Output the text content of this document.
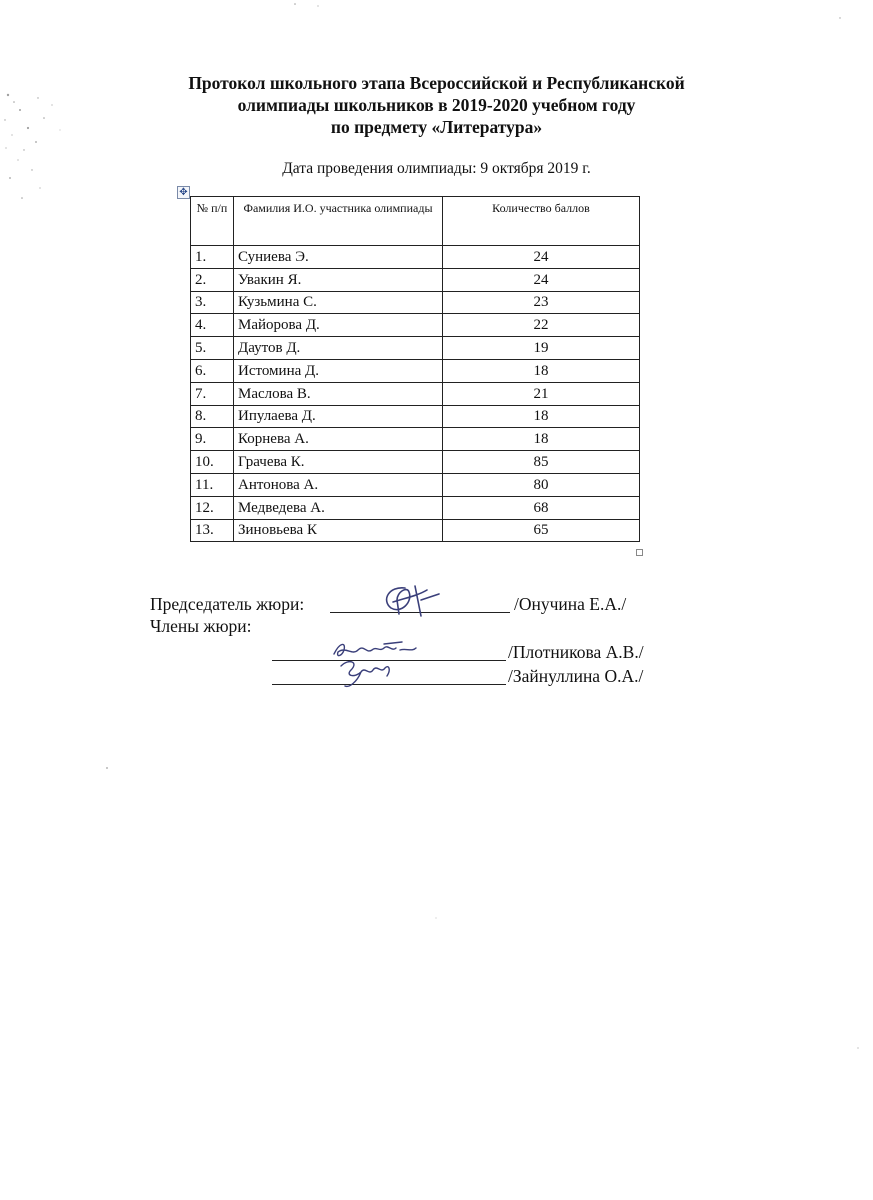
Протокол школьного этапа Всероссийской и Республиканской
олимпиады школьников в 2019-2020 учебном году
по предмету «Литература»
Дата проведения олимпиады: 9 октября 2019 г.
✥
№ п/п	Фамилия И.О. участника олимпиады	Количество баллов
1.	Суниева Э.	24
2.	Увакин Я.	24
3.	Кузьмина С.	23
4.	Майорова Д.	22
5.	Даутов Д.	19
6.	Истомина Д.	18
7.	Маслова В.	21
8.	Ипулаева Д.	18
9.	Корнева А.	18
10.	Грачева К.	85
11.	Антонова А.	80
12.	Медведева А.	68
13.	Зиновьева К	65
Председатель жюри:	/Онучина Е.А./
Члены жюри:
/Плотникова А.В./
/Зайнуллина О.А./
